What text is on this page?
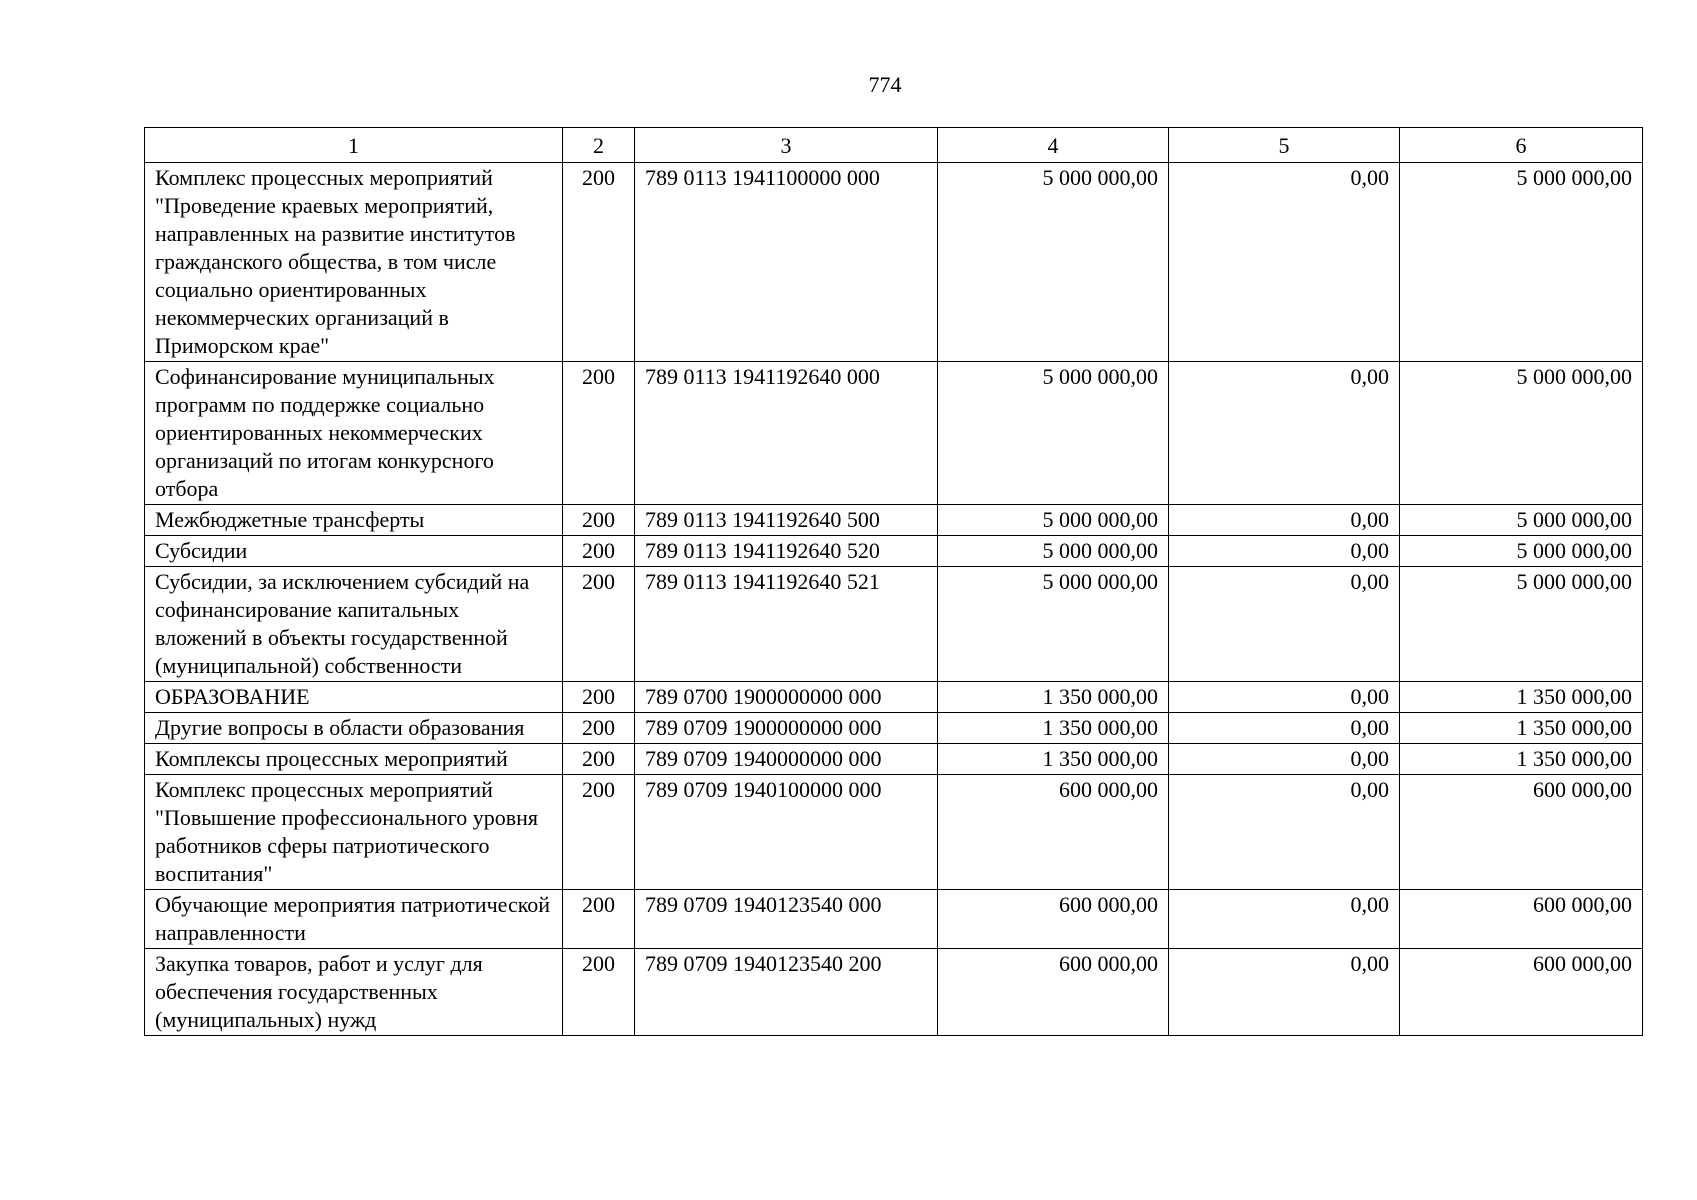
774
1	2	3	4	5	6
Комплекс процессных мероприятий "Проведение краевых мероприятий, направленных на развитие институтов гражданского общества, в том числе социально ориентированных некоммерческих организаций в Приморском крае"	200	789 0113 1941100000 000	5 000 000,00	0,00	5 000 000,00
Софинансирование муниципальных программ по поддержке социально ориентированных некоммерческих организаций по итогам конкурсного отбора	200	789 0113 1941192640 000	5 000 000,00	0,00	5 000 000,00
Межбюджетные трансферты	200	789 0113 1941192640 500	5 000 000,00	0,00	5 000 000,00
Субсидии	200	789 0113 1941192640 520	5 000 000,00	0,00	5 000 000,00
Субсидии, за исключением субсидий на софинансирование капитальных вложений в объекты государственной (муниципальной) собственности	200	789 0113 1941192640 521	5 000 000,00	0,00	5 000 000,00
ОБРАЗОВАНИЕ	200	789 0700 1900000000 000	1 350 000,00	0,00	1 350 000,00
Другие вопросы в области образования	200	789 0709 1900000000 000	1 350 000,00	0,00	1 350 000,00
Комплексы процессных мероприятий	200	789 0709 1940000000 000	1 350 000,00	0,00	1 350 000,00
Комплекс процессных мероприятий "Повышение профессионального уровня работников сферы патриотического воспитания"	200	789 0709 1940100000 000	600 000,00	0,00	600 000,00
Обучающие мероприятия патриотической направленности	200	789 0709 1940123540 000	600 000,00	0,00	600 000,00
Закупка товаров, работ и услуг для обеспечения государственных (муниципальных) нужд	200	789 0709 1940123540 200	600 000,00	0,00	600 000,00
